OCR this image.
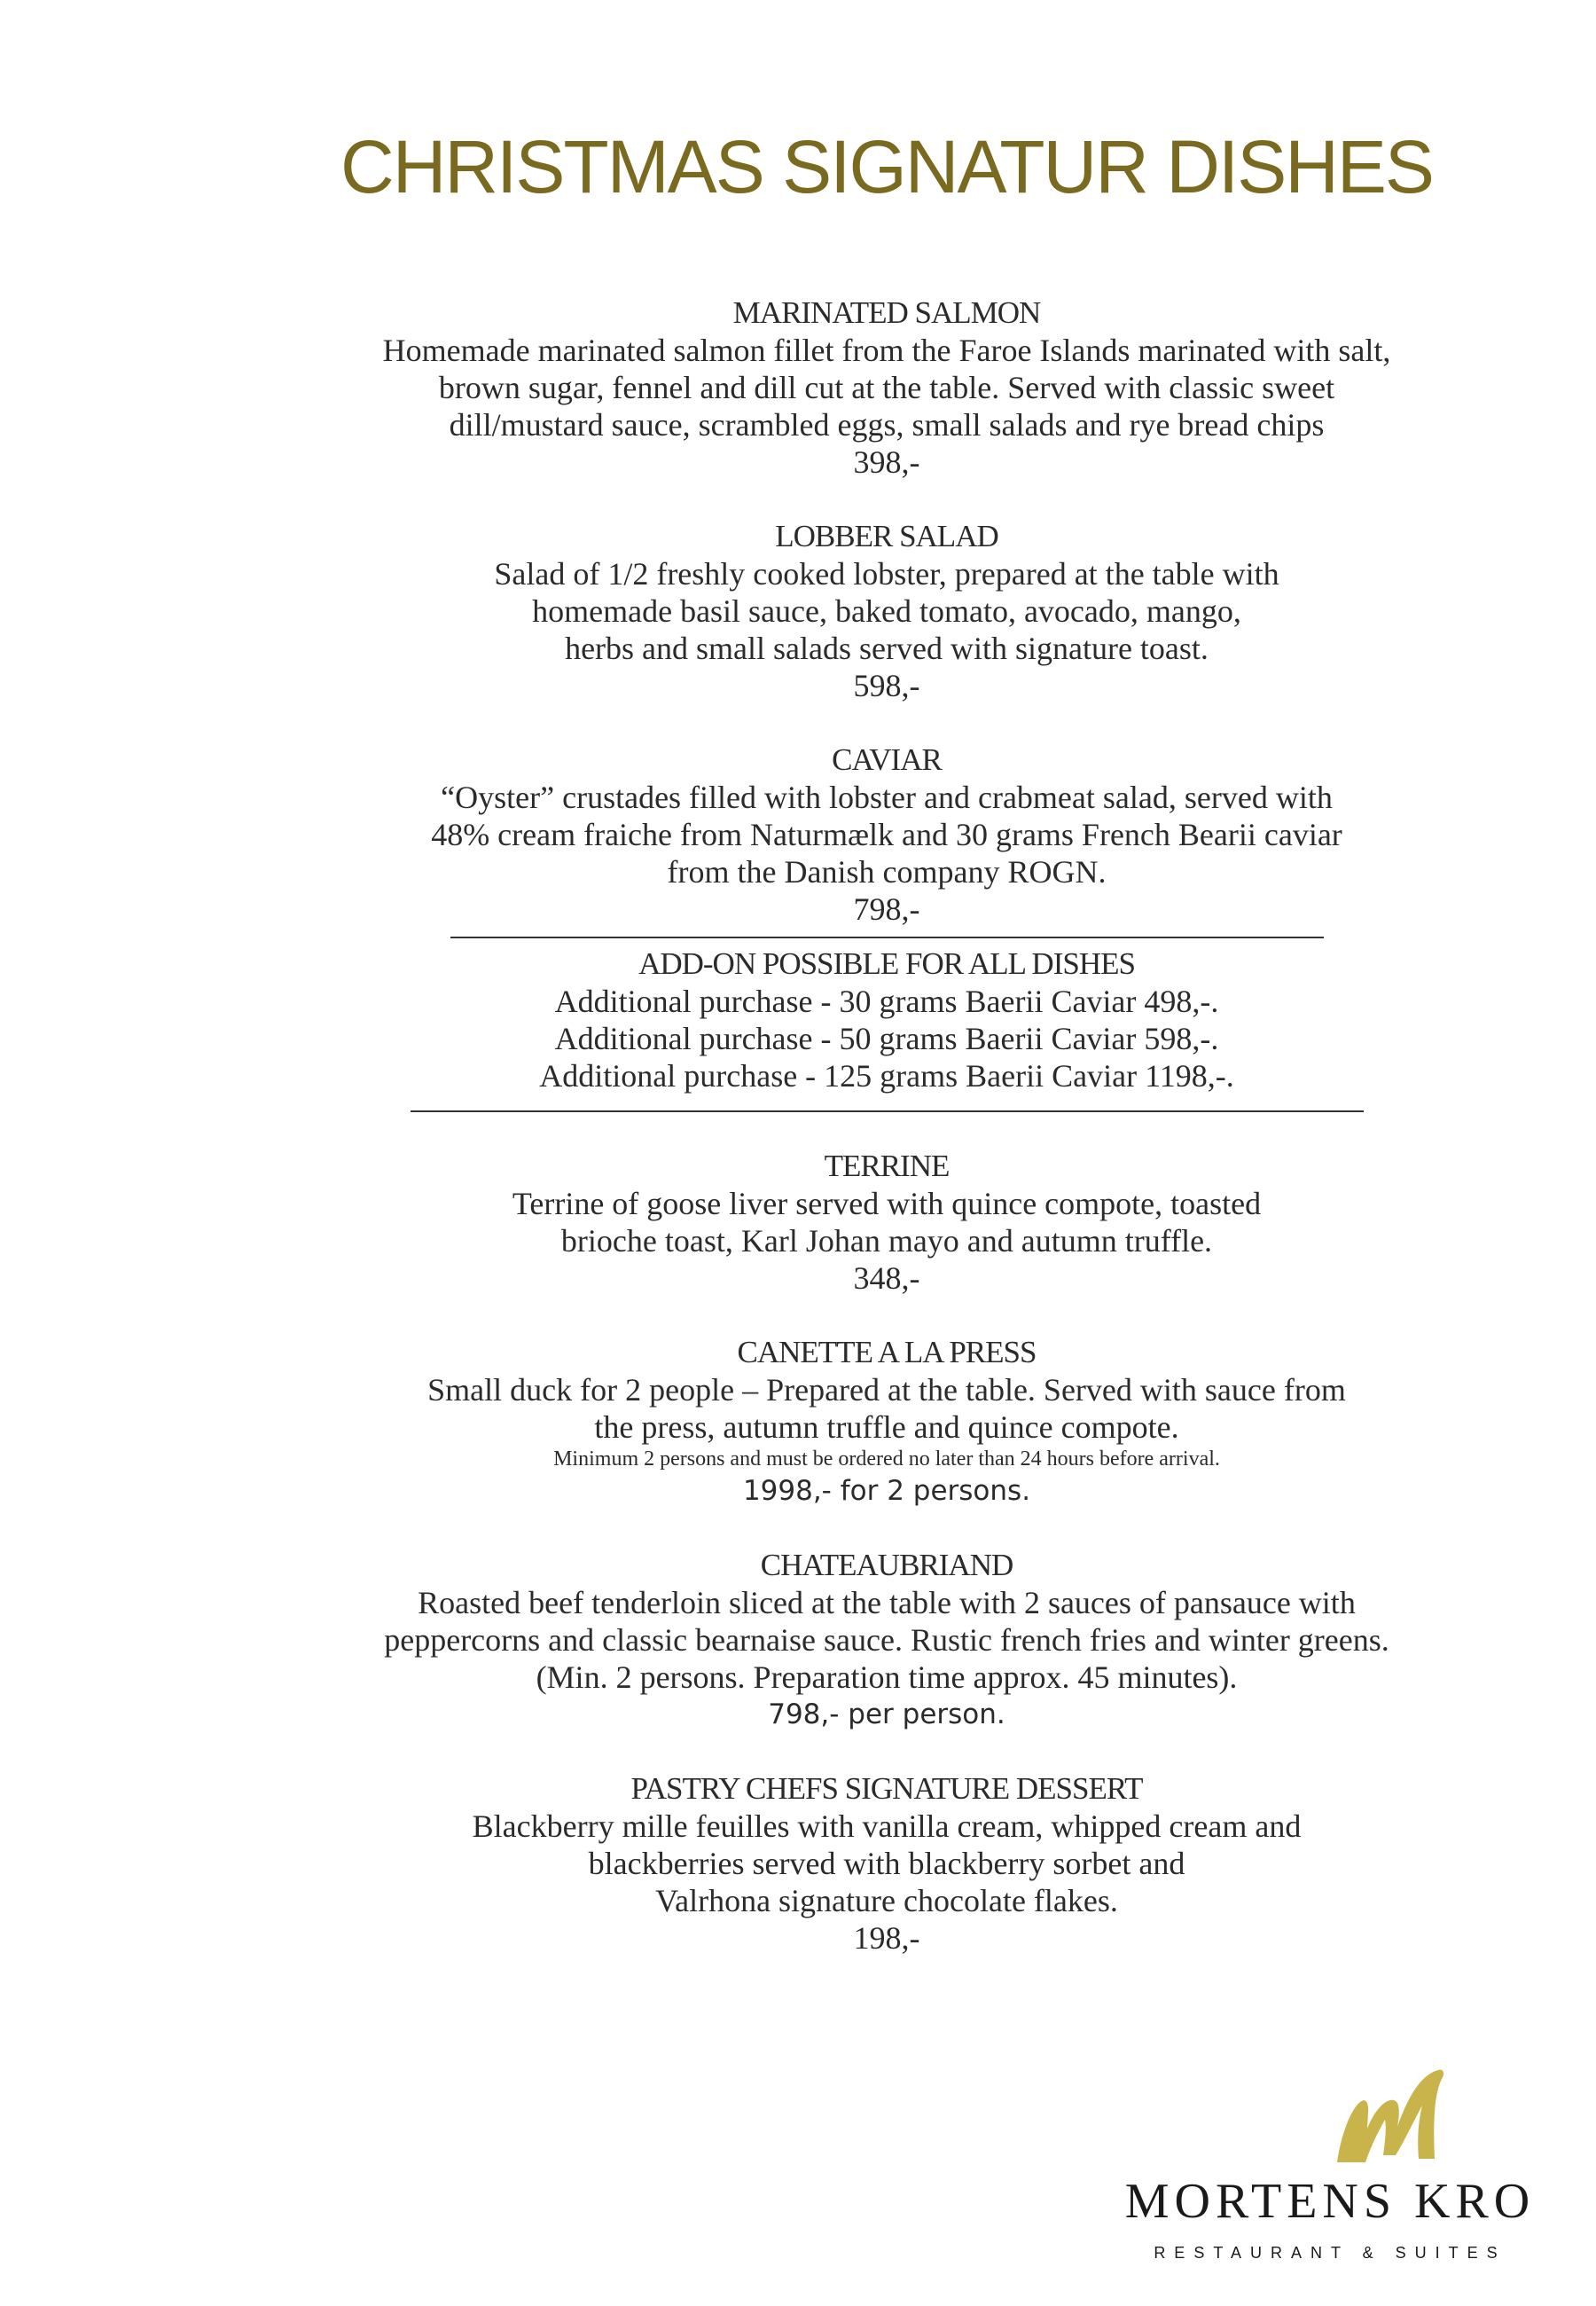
CHRISTMAS SIGNATUR DISHES
MARINATED SALMON
Homemade marinated salmon fillet from the Faroe Islands marinated with salt,
brown sugar, fennel and dill cut at the table. Served with classic sweet
dill/mustard sauce, scrambled eggs, small salads and rye bread chips
398,-
LOBBER SALAD
Salad of 1/2 freshly cooked lobster, prepared at the table with
homemade basil sauce, baked tomato, avocado, mango,
herbs and small salads served with signature toast.
598,-
CAVIAR
“Oyster” crustades filled with lobster and crabmeat salad, served with
48% cream fraiche from Naturmælk and 30 grams French Bearii caviar
from the Danish company ROGN.
798,-
ADD-ON POSSIBLE FOR ALL DISHES
Additional purchase - 30 grams Baerii Caviar 498,-.
Additional purchase - 50 grams Baerii Caviar 598,-.
Additional purchase - 125 grams Baerii Caviar 1198,-.
TERRINE
Terrine of goose liver served with quince compote, toasted
brioche toast, Karl Johan mayo and autumn truffle.
348,-
CANETTE A LA PRESS
Small duck for 2 people – Prepared at the table. Served with sauce from
the press, autumn truffle and quince compote.
Minimum 2 persons and must be ordered no later than 24 hours before arrival.
1998,- for 2 persons.
CHATEAUBRIAND
Roasted beef tenderloin sliced at the table with 2 sauces of pansauce with
peppercorns and classic bearnaise sauce. Rustic french fries and winter greens.
(Min. 2 persons. Preparation time approx. 45 minutes).
798,- per person.
PASTRY CHEFS SIGNATURE DESSERT
Blackberry mille feuilles with vanilla cream, whipped cream and
blackberries served with blackberry sorbet and
Valrhona signature chocolate flakes.
198,-
MORTENS KRO
RESTAURANT & SUITES
